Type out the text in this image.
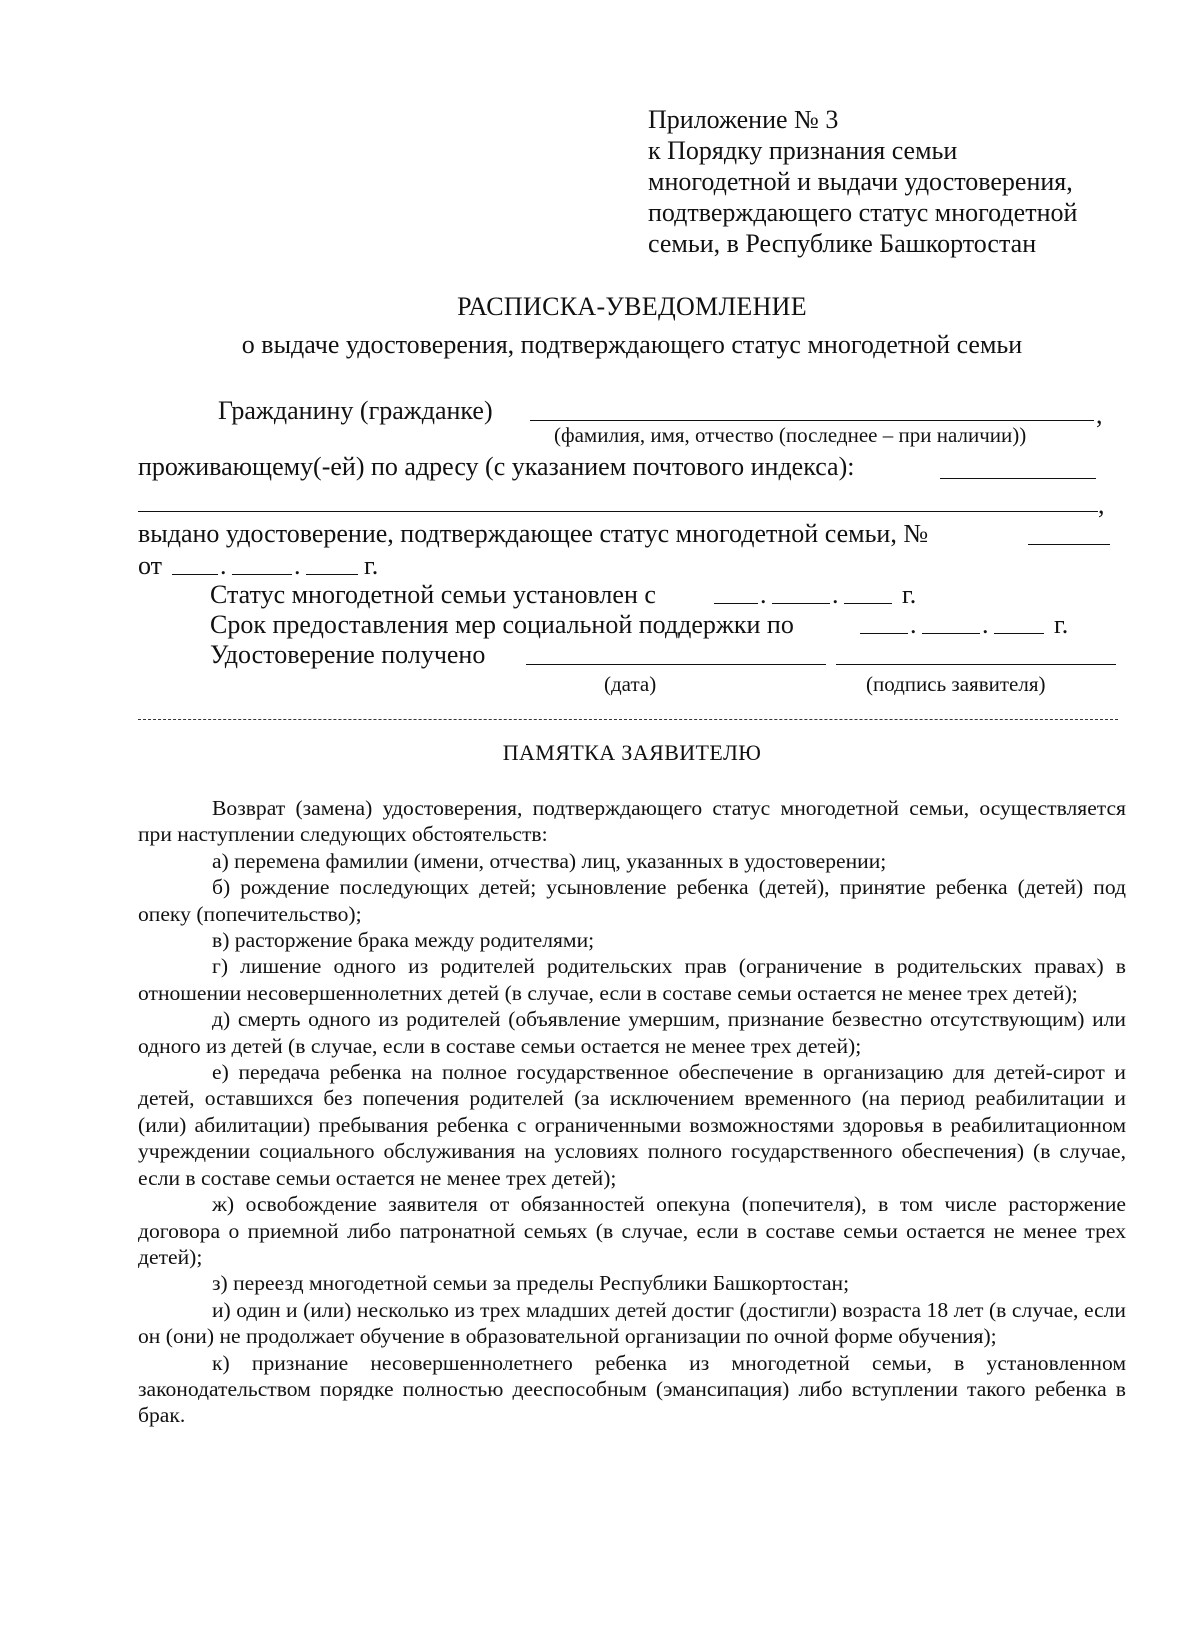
Приложение № 3
к Порядку признания семьи
многодетной и выдачи удостоверения,
подтверждающего статус многодетной
семьи, в Республике Башкортостан
РАСПИСКА-УВЕДОМЛЕНИЕ
о выдаче удостоверения, подтверждающего статус многодетной семьи
Гражданину (гражданке)	,
(фамилия, имя, отчество (последнее – при наличии))
проживающему(-ей) по адресу (с указанием почтового индекса):
,
выдано удостоверение, подтверждающее статус многодетной семьи, №
от .	. г.
Статус многодетной семьи установлен с	.	. г.
Срок предоставления мер социальной поддержки по	.	.	г.
Удостоверение получено
(дата)	(подпись заявителя)
ПАМЯТКА ЗАЯВИТЕЛЮ

Возврат (замена) удостоверения, подтверждающего статус многодетной семьи, осуществляется при наступлении следующих обстоятельств:

а) перемена фамилии (имени, отчества) лиц, указанных в удостоверении;

б) рождение последующих детей; усыновление ребенка (детей), принятие ребенка (детей) под опеку (попечительство);

в) расторжение брака между родителями;

г) лишение одного из родителей родительских прав (ограничение в родительских правах) в отношении несовершеннолетних детей (в случае, если в составе семьи остается не менее трех детей);

д) смерть одного из родителей (объявление умершим, признание безвестно отсутствующим) или одного из детей (в случае, если в составе семьи остается не менее трех детей);

е) передача ребенка на полное государственное обеспечение в организацию для детей-сирот и детей, оставшихся без попечения родителей (за исключением временного (на период реабилитации и (или) абилитации) пребывания ребенка с ограниченными возможностями здоровья в реабилитационном учреждении социального обслуживания на условиях полного государственного обеспечения) (в случае, если в составе семьи остается не менее трех детей);

ж) освобождение заявителя от обязанностей опекуна (попечителя), в том числе расторжение договора о приемной либо патронатной семьях (в случае, если в составе семьи остается не менее трех детей);

з) переезд многодетной семьи за пределы Республики Башкортостан;

и) один и (или) несколько из трех младших детей достиг (достигли) возраста 18 лет (в случае, если он (они) не продолжает обучение в образовательной организации по очной форме обучения);

к) признание несовершеннолетнего ребенка из многодетной семьи, в установленном законодательством порядке полностью дееспособным (эмансипация) либо вступлении такого ребенка в брак.
